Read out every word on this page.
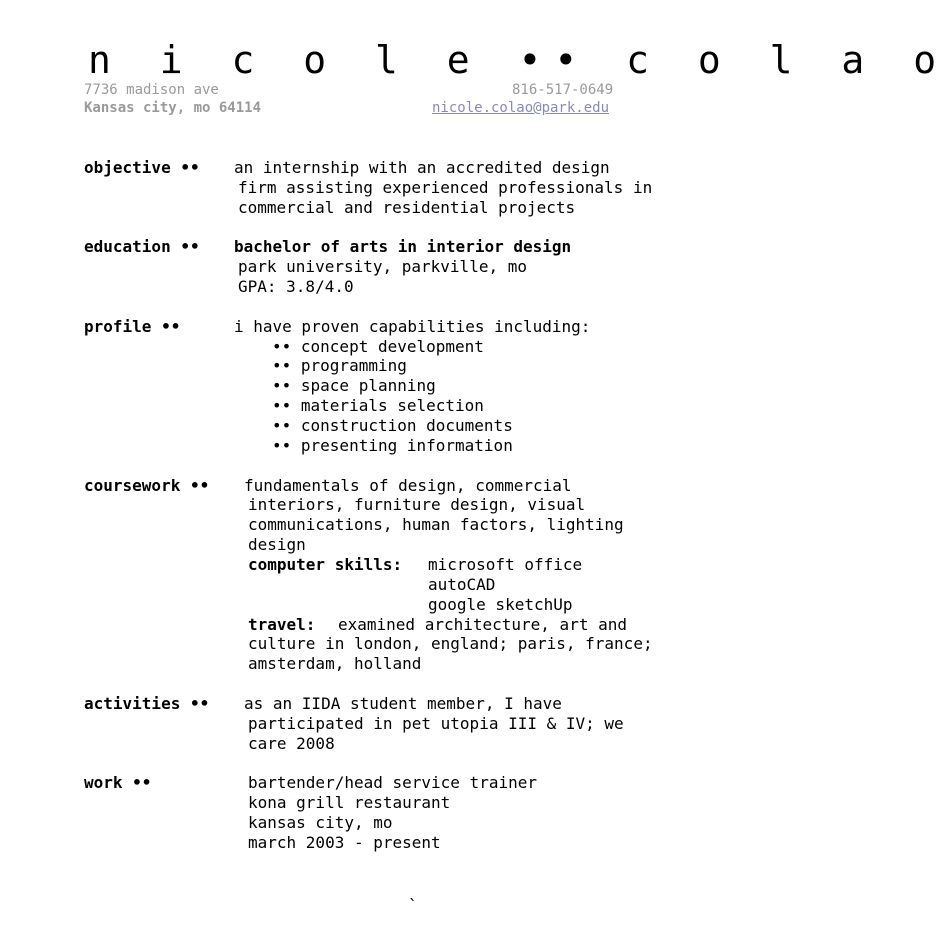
n i c o l e •• c o l a o
7736 madison ave
Kansas city, mo 64114
816-517-0649
nicole.colao@park.edu
objective •• an internship with an accredited design
firm assisting experienced professionals in
commercial and residential projects
education •• bachelor of arts in interior design
park university, parkville, mo
GPA: 3.8/4.0
profile ••	i have proven capabilities including:
•• concept development
•• programming
•• space planning
•• materials selection
•• construction documents
•• presenting information
coursework •• fundamentals of design, commercial
interiors, furniture design, visual
communications, human factors, lighting
design
computer skills: microsoft office
autoCAD
google sketchUp
travel: examined architecture, art and
culture in london, england; paris, france;
amsterdam, holland
activities •• as an IIDA student member, I have
participated in pet utopia III & IV; we
care 2008
work ••	bartender/head service trainer
kona grill restaurant
kansas city, mo
march 2003 - present
`
